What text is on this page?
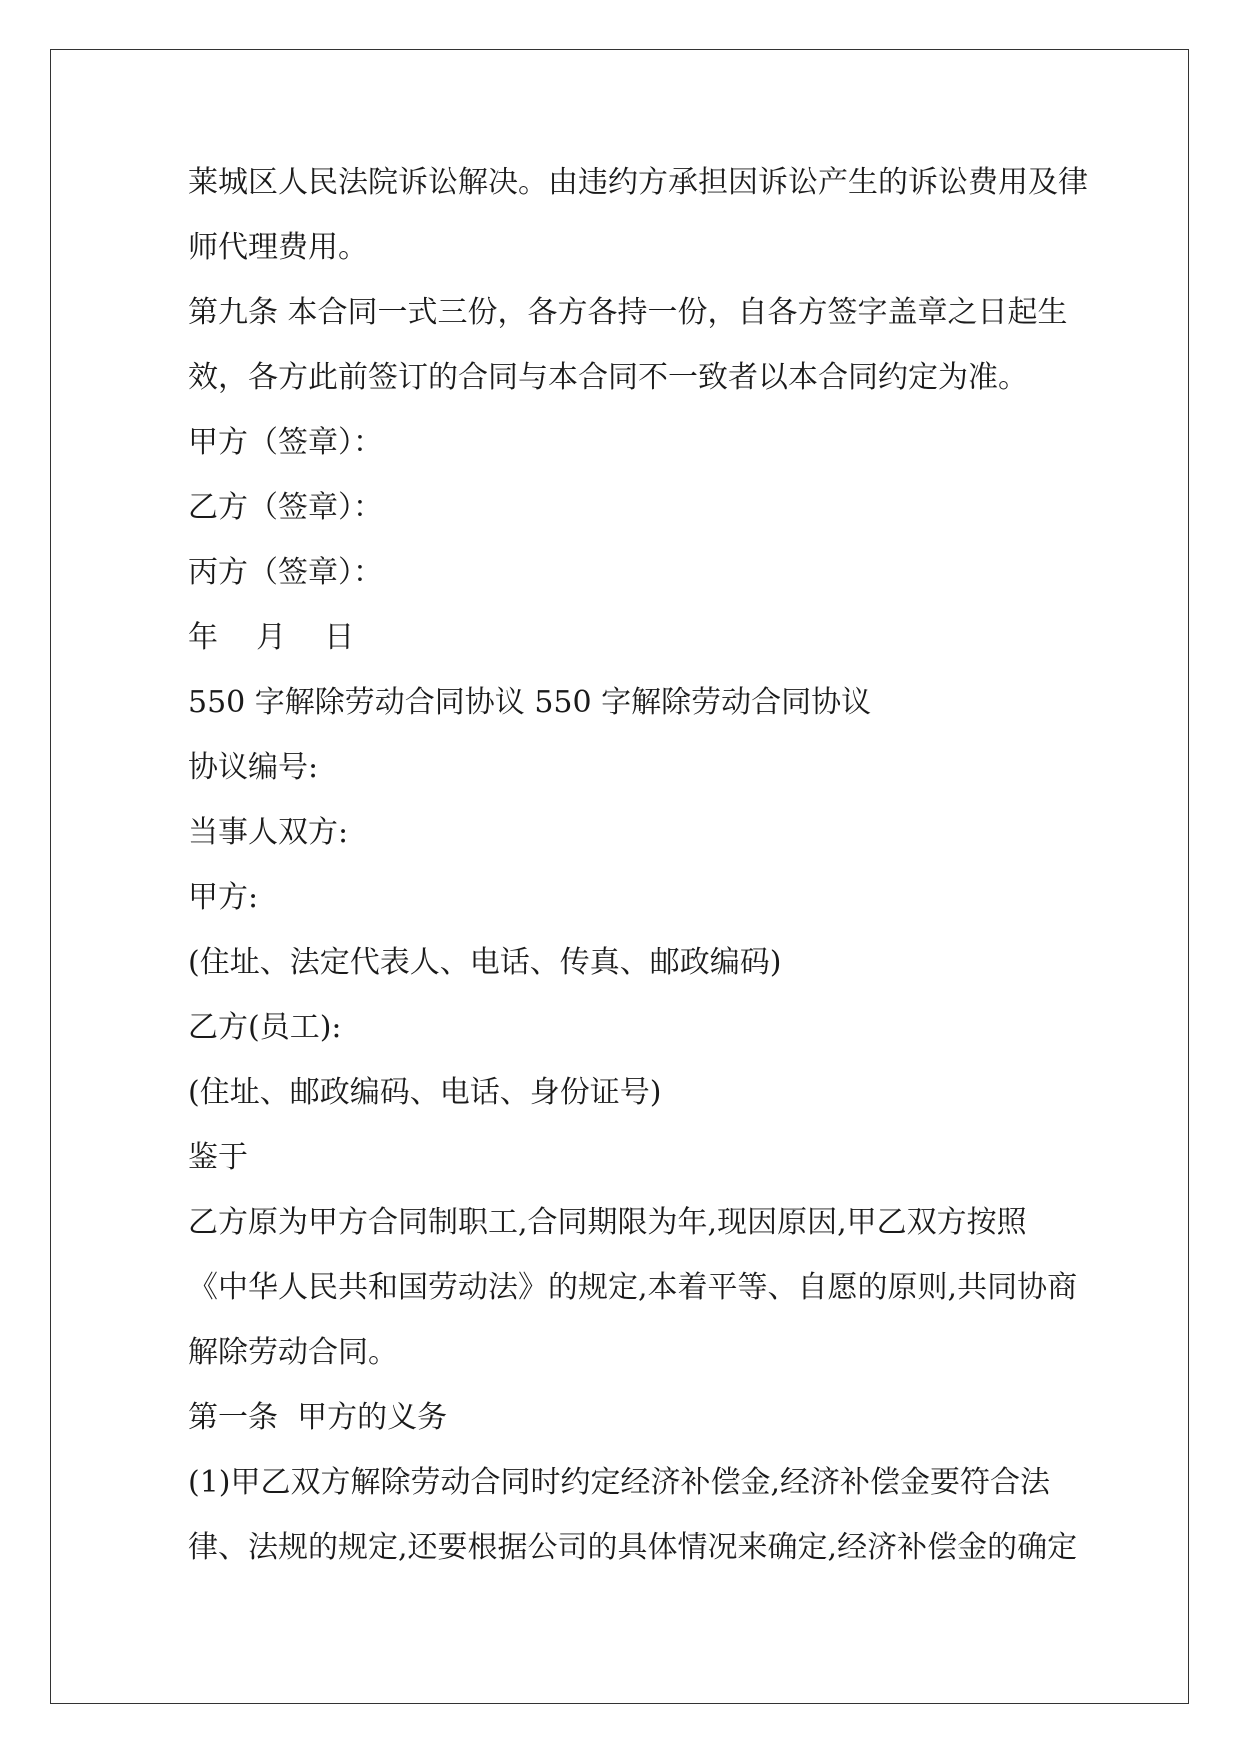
莱城区人民法院诉讼解决。由违约方承担因诉讼产生的诉讼费用及律
师代理费用。
第九条 本合同一式三份，各方各持一份，自各方签字盖章之日起生
效，各方此前签订的合同与本合同不一致者以本合同约定为准。
甲方（签章）：
乙方（签章）：
丙方（签章）：
年    月    日
550 字解除劳动合同协议 550 字解除劳动合同协议
协议编号:
当事人双方:
甲方:
(住址、法定代表人、电话、传真、邮政编码)
乙方(员工):
(住址、邮政编码、电话、身份证号)
鉴于
乙方原为甲方合同制职工,合同期限为年,现因原因,甲乙双方按照
《中华人民共和国劳动法》的规定,本着平等、自愿的原则,共同协商
解除劳动合同。
第一条  甲方的义务
(1)甲乙双方解除劳动合同时约定经济补偿金,经济补偿金要符合法
律、法规的规定,还要根据公司的具体情况来确定,经济补偿金的确定
